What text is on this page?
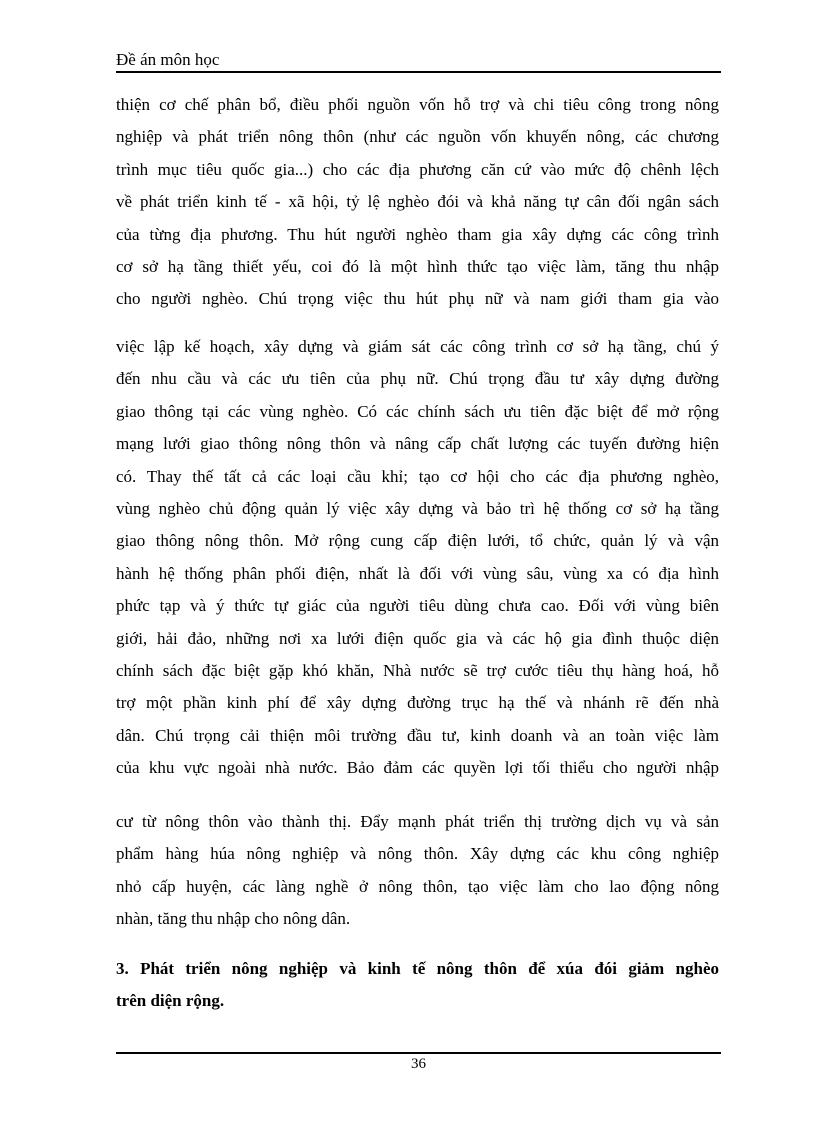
Đề án môn học
thiện cơ chế phân bổ, điều phối nguồn vốn hỗ trợ và chi tiêu công trong nông
nghiệp và phát triển nông thôn (như các nguồn vốn khuyến nông, các chương
trình mục tiêu quốc gia...) cho các địa phương căn cứ vào mức độ chênh lệch
về phát triển kinh tế - xã hội, tỷ lệ nghèo đói và khả năng tự cân đối ngân sách
của từng địa phương. Thu hút người nghèo tham gia xây dựng các công trình
cơ sở hạ tầng thiết yếu, coi đó là một hình thức tạo việc làm, tăng thu nhập
cho người nghèo. Chú trọng việc thu hút phụ nữ và nam giới tham gia vào
việc lập kế hoạch, xây dựng và giám sát các công trình cơ sở hạ tầng, chú ý
đến nhu cầu và các ưu tiên của phụ nữ. Chú trọng đầu tư xây dựng đường
giao thông tại các vùng nghèo. Có các chính sách ưu tiên đặc biệt để mở rộng
mạng lưới giao thông nông thôn và nâng cấp chất lượng các tuyến đường hiện
có. Thay thế tất cả các loại cầu khỉ; tạo cơ hội cho các địa phương nghèo,
vùng nghèo chủ động quản lý việc xây dựng và bảo trì hệ thống cơ sở hạ tầng
giao thông nông thôn. Mở rộng cung cấp điện lưới, tổ chức, quản lý và vận
hành hệ thống phân phối điện, nhất là đối với vùng sâu, vùng xa có địa hình
phức tạp và ý thức tự giác của người tiêu dùng chưa cao. Đối với vùng biên
giới, hải đảo, những nơi xa lưới điện quốc gia và các hộ gia đình thuộc diện
chính sách đặc biệt gặp khó khăn, Nhà nước sẽ trợ cước tiêu thụ hàng hoá, hỗ
trợ một phần kinh phí để xây dựng đường trục hạ thế và nhánh rẽ đến nhà
dân. Chú trọng cải thiện môi trường đầu tư, kinh doanh và an toàn việc làm
của khu vực ngoài nhà nước. Bảo đảm các quyền lợi tối thiểu cho người nhập
cư từ nông thôn vào thành thị. Đẩy mạnh phát triển thị trường dịch vụ và sản
phẩm hàng húa nông nghiệp và nông thôn. Xây dựng các khu công nghiệp
nhỏ cấp huyện, các làng nghề ở nông thôn, tạo việc làm cho lao động nông
nhàn, tăng thu nhập cho nông dân.
3. Phát triển nông nghiệp và kinh tế nông thôn để xúa đói giảm nghèo
trên diện rộng.
36
